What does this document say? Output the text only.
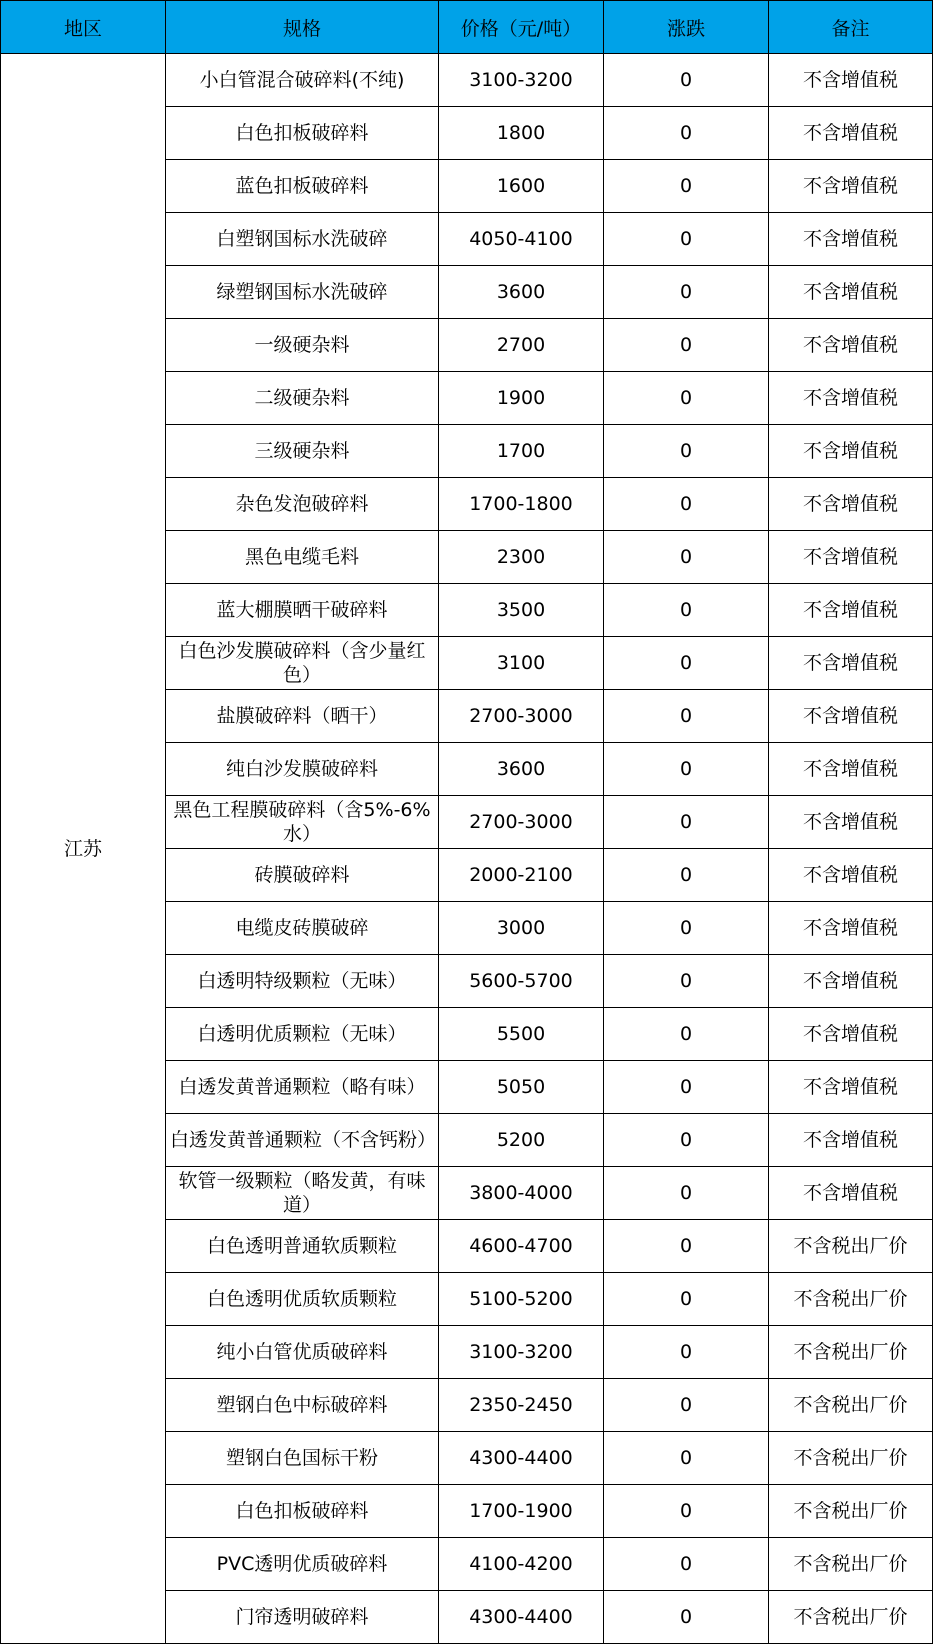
地区	规格	价格（元/吨）	涨跌	备注
江苏	小白管混合破碎料(不纯)	3100-3200	0	不含增值税
	白色扣板破碎料	1800	0	不含增值税
	蓝色扣板破碎料	1600	0	不含增值税
	白塑钢国标水洗破碎	4050-4100	0	不含增值税
	绿塑钢国标水洗破碎	3600	0	不含增值税
	一级硬杂料	2700	0	不含增值税
	二级硬杂料	1900	0	不含增值税
	三级硬杂料	1700	0	不含增值税
	杂色发泡破碎料	1700-1800	0	不含增值税
	黑色电缆毛料	2300	0	不含增值税
	蓝大棚膜晒干破碎料	3500	0	不含增值税
	白色沙发膜破碎料（含少量红色）	3100	0	不含增值税
	盐膜破碎料（晒干）	2700-3000	0	不含增值税
	纯白沙发膜破碎料	3600	0	不含增值税
	黑色工程膜破碎料（含5%-6%水）	2700-3000	0	不含增值税
	砖膜破碎料	2000-2100	0	不含增值税
	电缆皮砖膜破碎	3000	0	不含增值税
	白透明特级颗粒（无味）	5600-5700	0	不含增值税
	白透明优质颗粒（无味）	5500	0	不含增值税
	白透发黄普通颗粒（略有味）	5050	0	不含增值税
	白透发黄普通颗粒（不含钙粉）	5200	0	不含增值税
	软管一级颗粒（略发黄，有味道）	3800-4000	0	不含增值税
	白色透明普通软质颗粒	4600-4700	0	不含税出厂价
	白色透明优质软质颗粒	5100-5200	0	不含税出厂价
	纯小白管优质破碎料	3100-3200	0	不含税出厂价
	塑钢白色中标破碎料	2350-2450	0	不含税出厂价
	塑钢白色国标干粉	4300-4400	0	不含税出厂价
	白色扣板破碎料	1700-1900	0	不含税出厂价
	PVC透明优质破碎料	4100-4200	0	不含税出厂价
	门帘透明破碎料	4300-4400	0	不含税出厂价
